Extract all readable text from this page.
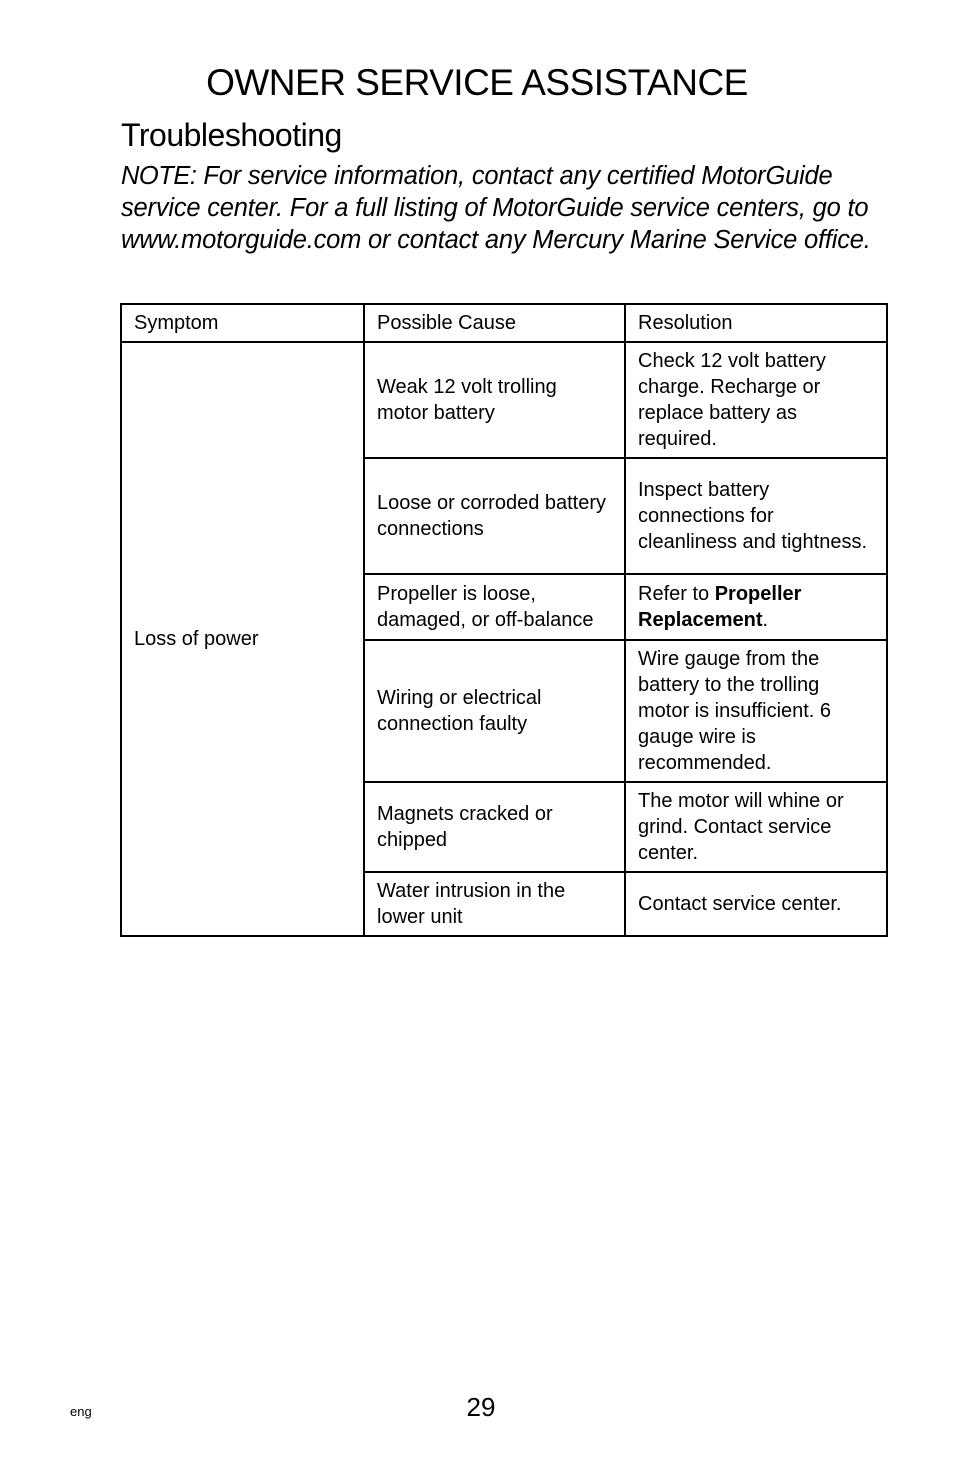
OWNER SERVICE ASSISTANCE
Troubleshooting
NOTE: For service information, contact any certified MotorGuide service center. For a full listing of MotorGuide service centers, go to www.motorguide.com or contact any Mercury Marine Service office.
Symptom	Possible Cause	Resolution
Loss of power	Weak 12 volt trolling motor battery	Check 12 volt battery charge. Recharge or replace battery as required.
	Loose or corroded battery connections	Inspect battery connections for cleanliness and tightness.
	Propeller is loose, damaged, or off-balance	Refer to Propeller Replacement.
	Wiring or electrical connection faulty	Wire gauge from the battery to the trolling motor is insufficient. 6 gauge wire is recommended.
	Magnets cracked or chipped	The motor will whine or grind. Contact service center.
	Water intrusion in the lower unit	Contact service center.
eng	29
